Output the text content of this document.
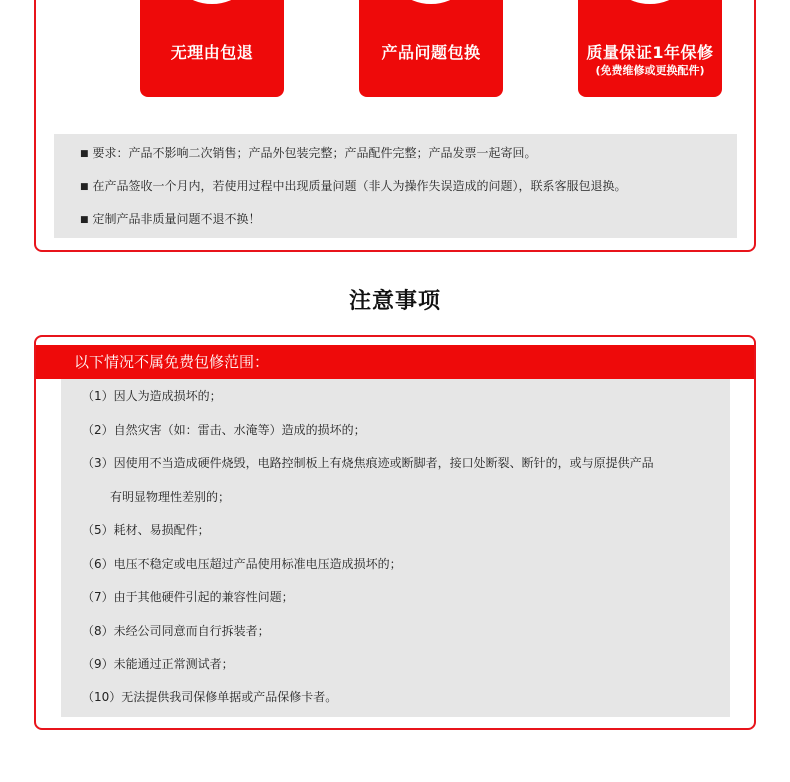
无理由包退	产品问题包换	质量保证1年保修
(免费维修或更换配件)
■ 要求：产品不影响二次销售；产品外包装完整；产品配件完整；产品发票一起寄回。
■ 在产品签收一个月内，若使用过程中出现质量问题（非人为操作失误造成的问题），联系客服包退换。
■ 定制产品非质量问题不退不换！
注意事项
以下情况不属免费包修范围：
（1）因人为造成损坏的；
（2）自然灾害（如：雷击、水淹等）造成的损坏的；
（3）因使用不当造成硬件烧毁，电路控制板上有烧焦痕迹或断脚者，接口处断裂、断针的，或与原提供产品
有明显物理性差别的；
（5）耗材、易损配件；
（6）电压不稳定或电压超过产品使用标准电压造成损坏的；
（7）由于其他硬件引起的兼容性问题；
（8）未经公司同意而自行拆装者；
（9）未能通过正常测试者；
（10）无法提供我司保修单据或产品保修卡者。
